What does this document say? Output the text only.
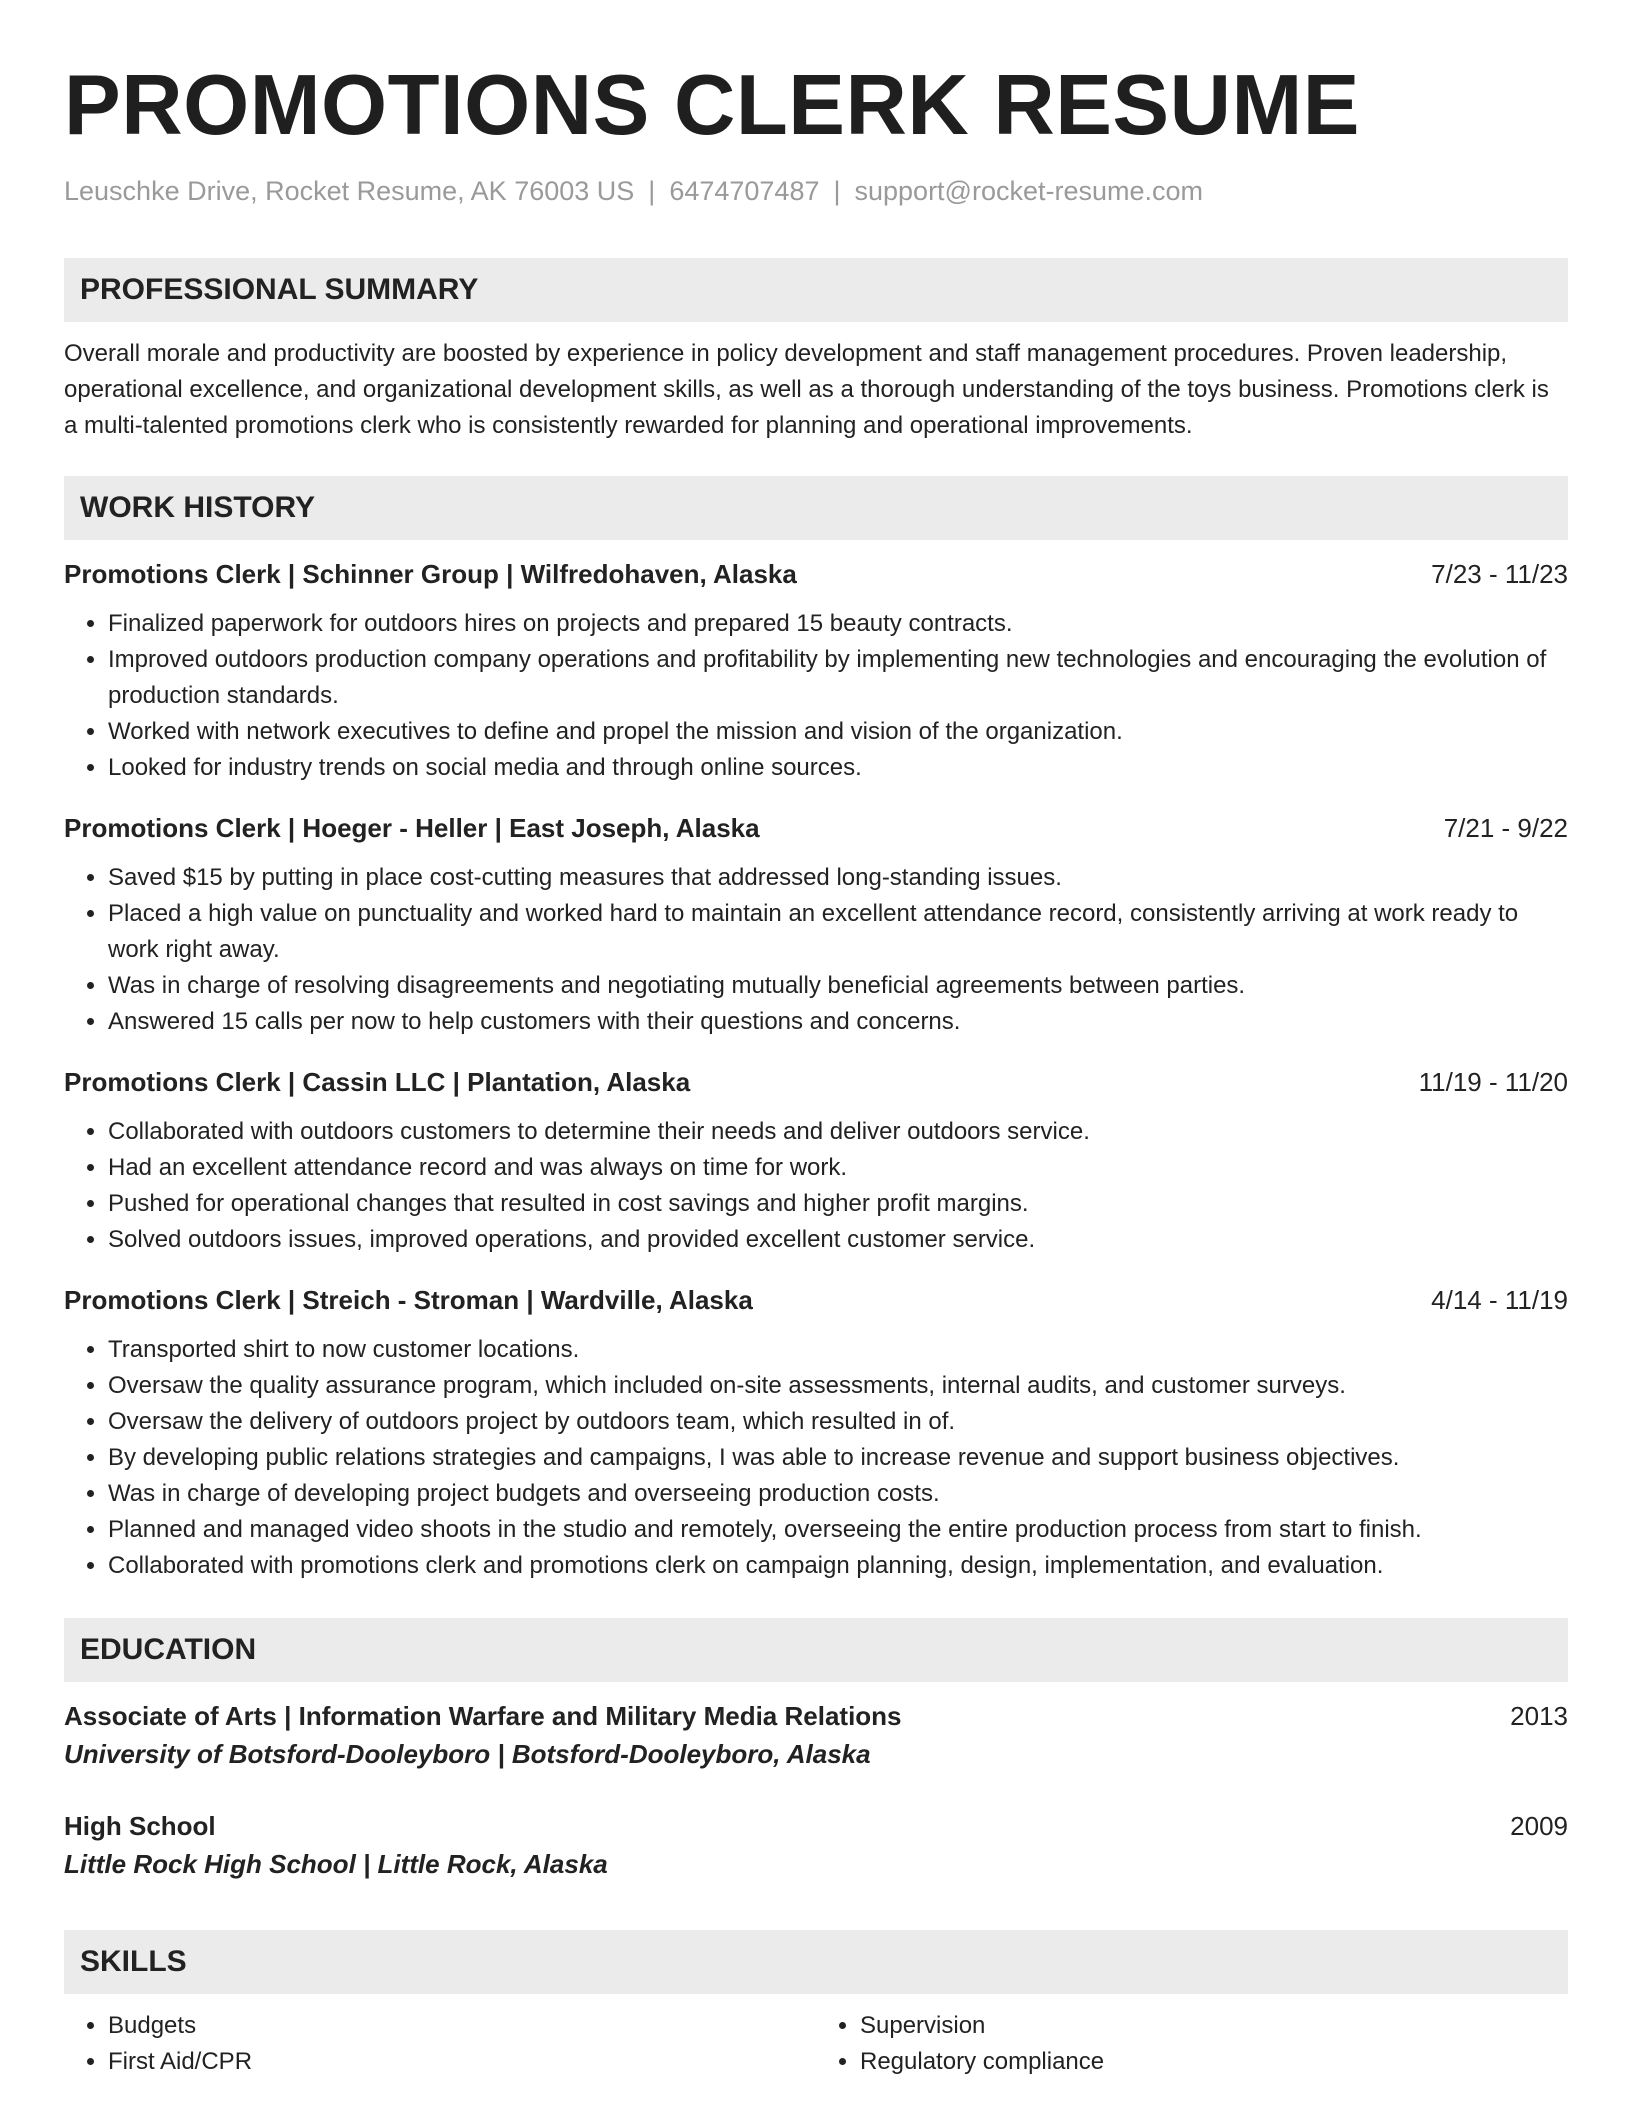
PROMOTIONS CLERK RESUME
Leuschke Drive, Rocket Resume, AK 76003 US | 6474707487 | support@rocket-resume.com
PROFESSIONAL SUMMARY
Overall morale and productivity are boosted by experience in policy development and staff management procedures. Proven leadership, operational excellence, and organizational development skills, as well as a thorough understanding of the toys business. Promotions clerk is a multi-talented promotions clerk who is consistently rewarded for planning and operational improvements.
WORK HISTORY
Promotions Clerk | Schinner Group | Wilfredohaven, Alaska	7/23 - 11/23
• Finalized paperwork for outdoors hires on projects and prepared 15 beauty contracts.
• Improved outdoors production company operations and profitability by implementing new technologies and encouraging the evolution of production standards.
• Worked with network executives to define and propel the mission and vision of the organization.
• Looked for industry trends on social media and through online sources.
Promotions Clerk | Hoeger - Heller | East Joseph, Alaska	7/21 - 9/22
• Saved $15 by putting in place cost-cutting measures that addressed long-standing issues.
• Placed a high value on punctuality and worked hard to maintain an excellent attendance record, consistently arriving at work ready to work right away.
• Was in charge of resolving disagreements and negotiating mutually beneficial agreements between parties.
• Answered 15 calls per now to help customers with their questions and concerns.
Promotions Clerk | Cassin LLC | Plantation, Alaska	11/19 - 11/20
• Collaborated with outdoors customers to determine their needs and deliver outdoors service.
• Had an excellent attendance record and was always on time for work.
• Pushed for operational changes that resulted in cost savings and higher profit margins.
• Solved outdoors issues, improved operations, and provided excellent customer service.
Promotions Clerk | Streich - Stroman | Wardville, Alaska	4/14 - 11/19
• Transported shirt to now customer locations.
• Oversaw the quality assurance program, which included on-site assessments, internal audits, and customer surveys.
• Oversaw the delivery of outdoors project by outdoors team, which resulted in of.
• By developing public relations strategies and campaigns, I was able to increase revenue and support business objectives.
• Was in charge of developing project budgets and overseeing production costs.
• Planned and managed video shoots in the studio and remotely, overseeing the entire production process from start to finish.
• Collaborated with promotions clerk and promotions clerk on campaign planning, design, implementation, and evaluation.
EDUCATION
Associate of Arts | Information Warfare and Military Media Relations	2013
University of Botsford-Dooleyboro | Botsford-Dooleyboro, Alaska
High School	2009
Little Rock High School | Little Rock, Alaska
SKILLS
• Budgets
• First Aid/CPR
• Supervision
• Regulatory compliance
